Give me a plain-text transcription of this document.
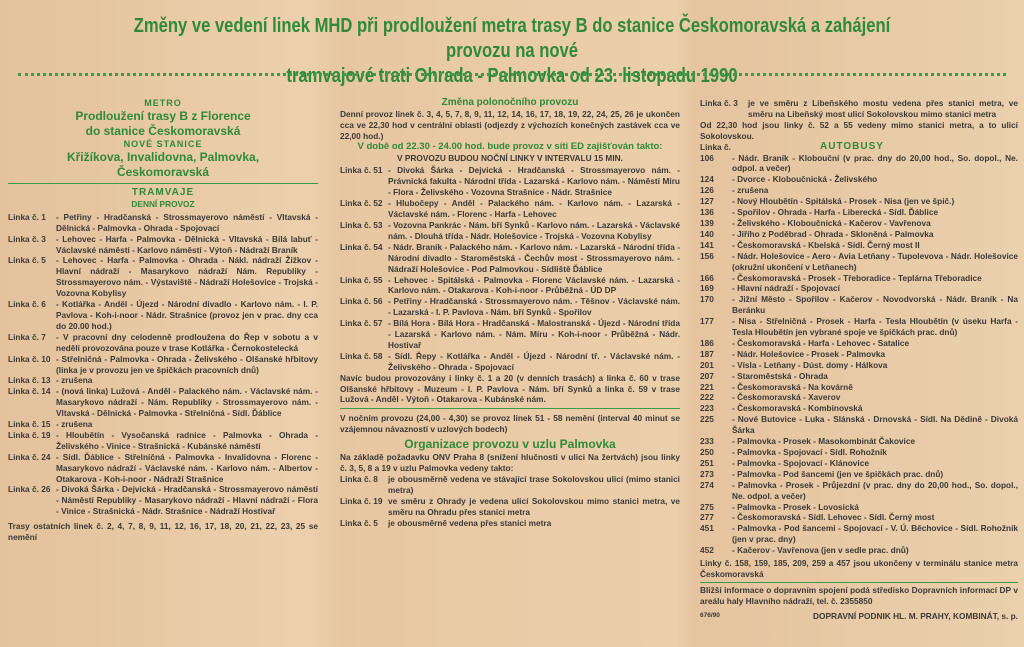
Změny ve vedení linek MHD při prodloužení metra trasy B do stanice Českomoravská a zahájení provozu na nové
tramvajové trati Ohrada - Palmovka od 23. listopadu 1990
METRO
Prodloužení trasy B z Florence
do stanice Českomoravská
NOVÉ STANICE
Křižíkova, Invalidovna, Palmovka,
Českomoravská
TRAMVAJE
DENNÍ PROVOZ
Linka č. 1	- Petřiny - Hradčanská - Strossmayerovo náměstí - Vltavská - Dělnická - Palmovka - Ohrada - Spojovací
Linka č. 3	- Lehovec - Harfa - Palmovka - Dělnická - Vltavská - Bílá labuť - Václavské náměstí - Karlovo náměstí - Výtoň - Nádraží Braník
Linka č. 5	- Lehovec - Harfa - Palmovka - Ohrada - Nákl. nádraží Žižkov - Hlavní nádraží - Masarykovo nádraží Nám. Republiky - Strossmayerovo nám. - Výstaviště - Nádraží Holešovice - Trojská - Vozovna Kobylisy
Linka č. 6	- Kotlářka - Anděl - Újezd - Národní divadlo - Karlovo nám. - I. P. Pavlova - Koh-i-noor - Nádr. Strašnice (provoz jen v prac. dny cca do 20.00 hod.)
Linka č. 7	- V pracovní dny celodenně prodloužena do Řep v sobotu a v neděli provozována pouze v trase Kotlářka - Černokostelecká
Linka č. 10 - Střelničná - Palmovka - Ohrada - Želivského - Olšanské hřbitovy (linka je v provozu jen ve špičkách pracovních dnů)
Linka č. 13 - zrušena
Linka č. 14 - (nová linka) Lužová - Anděl - Palackého nám. - Václavské nám. - Masarykovo nádraží - Nám. Republiky - Strossmayerovo nám. - Vltavská - Dělnická - Palmovka - Střelničná - Sídl. Ďáblice
Linka č. 15 - zrušena
Linka č. 19 - Hloubětín - Vysočanská radnice - Palmovka - Ohrada - Želivského - Vinice - Strašnická - Kubánské náměstí
Linka č. 24 - Sídl. Ďáblice - Střelničná - Palmovka - Invalidovna - Florenc - Masarykovo nádraží - Václavské nám. - Karlovo nám. - Albertov - Otakarova - Koh-i-noor - Nádraží Strašnice
Linka č. 26 - Divoká Šárka - Dejvická - Hradčanská - Strossmayerovo náměstí - Náměstí Republiky - Masarykovo nádraží - Hlavní nádraží - Flora - Vinice - Strašnická - Nádr. Strašnice - Nádraží Hostivař
Trasy ostatních linek č. 2, 4, 7, 8, 9, 11, 12, 16, 17, 18, 20, 21, 22, 23, 25 se nemění
Změna polonočního provozu
Denní provoz linek č. 3, 4, 5, 7, 8, 9, 11, 12, 14, 16, 17, 18, 19, 22, 24, 25, 26 je ukončen cca ve 22,30 hod v centrální oblasti (odjezdy z výchozích konečných zastávek cca ve 22,00 hod.)
V době od 22.30 - 24.00 hod. bude provoz v síti ED zajišťován takto:
V PROVOZU BUDOU NOČNÍ LINKY V INTERVALU 15 MIN.
Linka č. 51 - Divoká Šárka - Dejvická - Hradčanská - Strossmayerovo nám. - Právnická fakulta - Národní třída - Lazarská - Karlovo nám. - Náměstí Míru - Flora - Želivského - Vozovna Strašnice - Nádr. Strašnice
Linka č. 52 - Hlubočepy - Anděl - Palackého nám. - Karlovo nám. - Lazarská - Václavské nám. - Florenc - Harfa - Lehovec
Linka č. 53 - Vozovna Pankrác - Nám. bří Synků - Karlovo nám. - Lazarská - Václavské nám. - Dlouhá třída - Nádr. Holešovice - Trojská - Vozovna Kobylisy
Linka č. 54 - Nádr. Braník - Palackého nám. - Karlovo nám. - Lazarská - Národní třída - Národní divadlo - Staroměstská - Čechův most - Strossmayerovo nám. - Nádraží Holešovice - Pod Palmovkou - Sídliště Ďáblice
Linka č. 55 - Lehovec - Spitálská - Palmovka - Florenc Václavské nám. - Lazarská - Karlovo nám. - Otakarova - Koh-i-noor - Průběžná - ÚD DP
Linka č. 56 - Petřiny - Hradčanská - Strossmayerovo nám. - Těšnov - Václavské nám. - Lazarská - I. P. Pavlova - Nám. bří Synků - Spořilov
Linka č. 57 - Bílá Hora - Bílá Hora - Hradčanská - Malostranská - Újezd - Národní třída - Lazarská - Karlovo nám. - Nám. Míru - Koh-i-noor - Průběžná - Nádr. Hostivař
Linka č. 58 - Sídl. Řepy - Kotlářka - Anděl - Újezd - Národní tř. - Václavské nám. - Želivského - Ohrada - Spojovací
Navíc budou provozovány i linky č. 1 a 20 (v denních trasách) a linka č. 60 v trase Olšanské hřbitovy - Muzeum - I. P. Pavlova - Nám. bří Synků a linka č. 59 v trase Lužová - Anděl - Výtoň - Otakarova - Kubánské nám.
V nočním provozu (24,00 - 4,30) se provoz linek 51 - 58 nemění (interval 40 minut se vzájemnou návazností v uzlových bodech)
Organizace provozu v uzlu Palmovka
Na základě požadavku ONV Praha 8 (snížení hlučnosti v ulici Na žertvách) jsou linky č. 3, 5, 8 a 19 v uzlu Palmovka vedeny takto:
Linka č. 8	je obousměrně vedena ve stávající trase Sokolovskou ulicí (mimo stanici metra)
Linka č. 19 ve směru z Ohrady je vedena ulicí Sokolovskou mimo stanici metra, ve směru na Ohradu přes stanici metra
Linka č. 5	je obousměrně vedena přes stanici metra
Linka č. 3	je ve směru z Libeňského mostu vedena přes stanici metra, ve směru na Libeňský most ulicí Sokolovskou mimo stanici metra
Od 22,30 hod jsou linky č. 52 a 55 vedeny mimo stanici metra, a to ulicí Sokolovskou.
Linka č.	AUTOBUSY
106	- Nádr. Braník - Klobouční (v prac. dny do 20,00 hod., So. dopol., Ne. odpol. a večer)
124	- Dvorce - Kloboučnická - Želivského
126	- zrušena
127	- Nový Hloubětín - Spitálská - Prosek - Nisa (jen ve špič.)
136	- Spořilov - Ohrada - Harfa - Liberecká - Sídl. Ďáblice
139	- Želivského - Kloboučnická - Kačerov - Vavřenova
140	- Jiřího z Poděbrad - Ohrada - Skloněná - Palmovka
141	- Českomoravská - Kbelská - Sídl. Černý most II
156	- Nádr. Holešovice - Aero - Avia Letňany - Tupolevova - Nádr. Holešovice (okružní ukončení v Letňanech)
166	- Českomoravská - Prosek - Třeboradice - Teplárna Třeboradice
169	- Hlavní nádraží - Spojovací
170	- Jižní Město - Spořilov - Kačerov - Novodvorská - Nádr. Braník - Na Beránku
177	- Nisa - Střelničná - Prosek - Harfa - Tesla Hloubětín (v úseku Harfa - Tesla Hloubětín jen vybrané spoje ve špičkách prac. dnů)
186	- Českomoravská - Harfa - Lehovec - Satalice
187	- Nádr. Holešovice - Prosek - Palmovka
201	- Vísla - Letňany - Dúst. domy - Hálkova
207	- Staroměstská - Ohrada
221	- Českomoravská - Na kovárně
222	- Českomoravská - Xaverov
223	- Českomoravská - Kombinovská
225	- Nové Butovice - Luka - Slánská - Drnovská - Sídl. Na Dědině - Divoká Šárka
233	- Palmovka - Prosek - Masokombinát Čakovice
250	- Palmovka - Spojovací - Sídl. Rohožník
251	- Palmovka - Spojovací - Klánovice
273	- Palmovka - Pod šancemi (jen ve špičkách prac. dnů)
274	- Palmovka - Prosek - Průjezdní (v prac. dny do 20,00 hod., So. dopol., Ne. odpol. a večer)
275	- Palmovka - Prosek - Lovosická
277	- Českomoravská - Sídl. Lehovec - Sídl. Černý most
451	- Palmovka - Pod šancemi - Spojovací - V. Ú. Běchovice - Sídl. Rohožník (jen v prac. dny)
452	- Kačerov - Vavřenova (jen v sedle prac. dnů)
Linky č. 158, 159, 185, 209, 259 a 457 jsou ukončeny v terminálu stanice metra Českomoravská
Bližší informace o dopravním spojení podá středisko Dopravních informací DP v areálu haly Hlavního nádraží, tel. č. 2355850
676/90	DOPRAVNÍ PODNIK HL. M. PRAHY, KOMBINÁT, s. p.
